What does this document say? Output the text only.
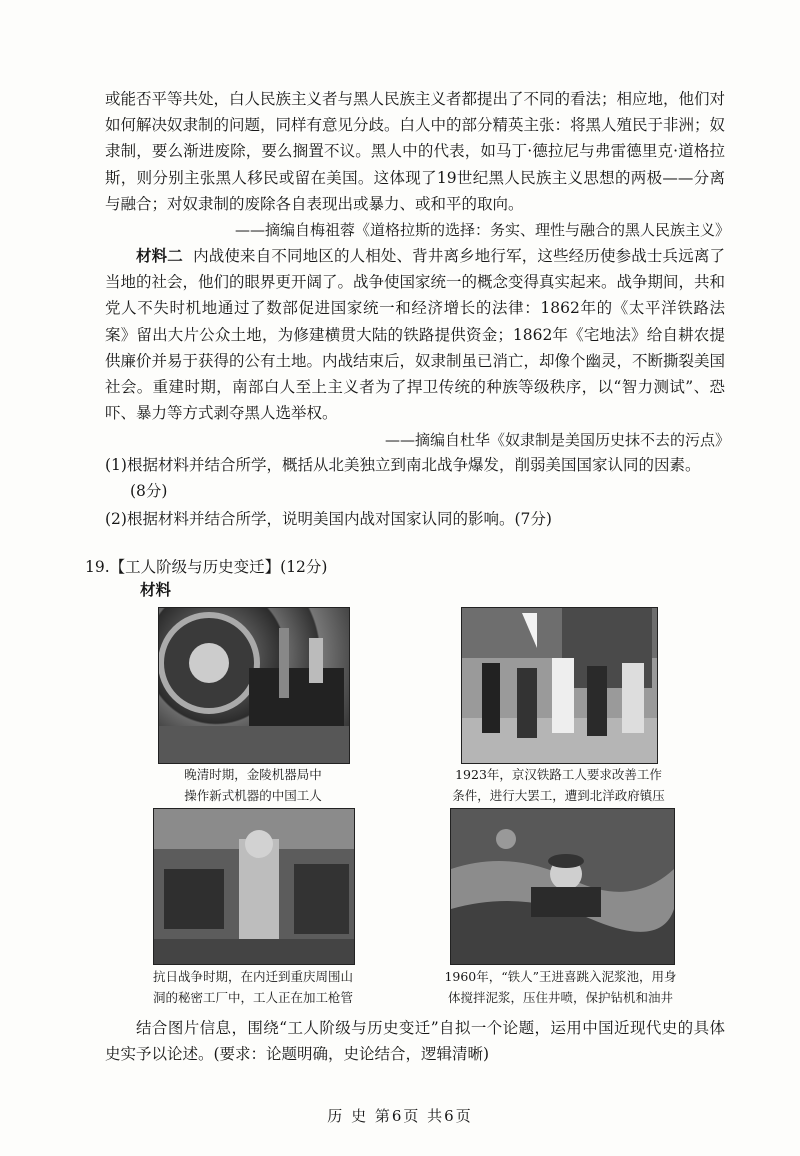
或能否平等共处，白人民族主义者与黑人民族主义者都提出了不同的看法；相应地，他们对如何解决奴隶制的问题，同样有意见分歧。白人中的部分精英主张：将黑人殖民于非洲；奴隶制，要么渐进废除，要么搁置不议。黑人中的代表，如马丁·德拉尼与弗雷德里克·道格拉斯，则分别主张黑人移民或留在美国。这体现了19世纪黑人民族主义思想的两极——分离与融合；对奴隶制的废除各自表现出或暴力、或和平的取向。

——摘编自梅祖蓉《道格拉斯的选择：务实、理性与融合的黑人民族主义》

材料二 内战使来自不同地区的人相处、背井离乡地行军，这些经历使参战士兵远离了当地的社会，他们的眼界更开阔了。战争使国家统一的概念变得真实起来。战争期间，共和党人不失时机地通过了数部促进国家统一和经济增长的法律：1862年的《太平洋铁路法案》留出大片公众土地，为修建横贯大陆的铁路提供资金；1862年《宅地法》给自耕农提供廉价并易于获得的公有土地。内战结束后，奴隶制虽已消亡，却像个幽灵，不断撕裂美国社会。重建时期，南部白人至上主义者为了捍卫传统的种族等级秩序，以“智力测试”、恐吓、暴力等方式剥夺黑人选举权。

——摘编自杜华《奴隶制是美国历史抹不去的污点》

(1)根据材料并结合所学，概括从北美独立到南北战争爆发，削弱美国国家认同的因素。
(8分)

(2)根据材料并结合所学，说明美国内战对国家认同的影响。(7分)

19.【工人阶级与历史变迁】(12分)

材料

晚清时期，金陵机器局中
操作新式机器的中国工人

1923年，京汉铁路工人要求改善工作
条件，进行大罢工，遭到北洋政府镇压

抗日战争时期，在内迁到重庆周围山
洞的秘密工厂中，工人正在加工枪管

1960年，“铁人”王进喜跳入泥浆池，用身
体搅拌泥浆，压住井喷，保护钻机和油井

结合图片信息，围绕“工人阶级与历史变迁”自拟一个论题，运用中国近现代史的具体史实予以论述。(要求：论题明确，史论结合，逻辑清晰)

历 史 第6页 共6页
